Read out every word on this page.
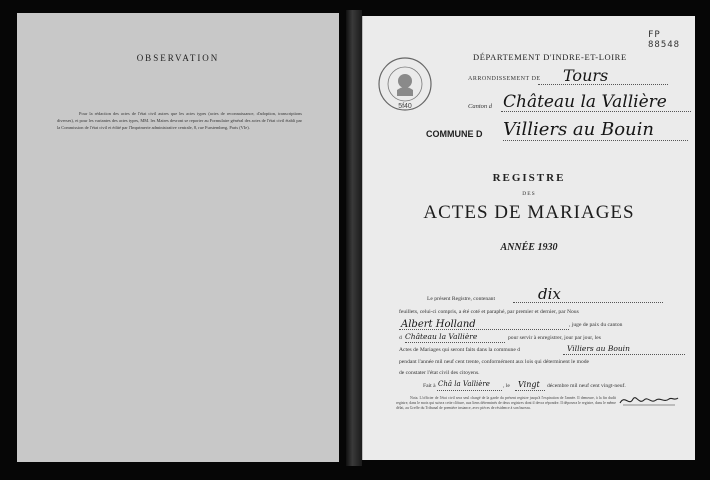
OBSERVATION
Pour la rédaction des actes de l'état civil autres que les actes types (actes de reconnaissance, d'adoption, transcriptions diverses), et pour les variantes des actes types, MM. les Maires devront se reporter au Formulaire général des actes de l'état civil établi par la Commission de l'état civil et édité par l'Imprimerie administrative centrale, 8, rue Furstemberg, Paris (VIe).
FP 88548
5f40
DÉPARTEMENT D'INDRE-ET-LOIRE
ARRONDISSEMENT DE Tours
Canton d Château la Vallière
COMMUNE D Villiers au Bouin
REGISTRE
DES
ACTES DE MARIAGES
ANNÉE 1930
Le présent Registre, contenant	dix
feuillets, celui-ci compris, a été coté et paraphé, par premier et dernier, par Nous
Albert Holland	, juge de paix du canton
d Château la Vallière	pour servir à enregistrer, jour par jour, les
Actes de Mariages qui seront faits dans la commune d	Villiers au Bouin
pendant l'année mil neuf cent trente, conformément aux lois qui déterminent le mode
de constater l'état civil des citoyens.
Fait à Châ la Vallière , le Vingt décembre mil neuf cent vingt-neuf.
Nota. L'officier de l'état civil sera seul chargé de la garde du présent registre jusqu'à l'expiration de l'année. Il demeure, à la fin dudit registre, dans le mois qui suivra cette clôture, aux liens déterminés de deux registres dont il devra répondre. Il déposera le registre, dans le même délai, au Greffe du Tribunal de première instance, avec pièces de résidence à son bureau.
